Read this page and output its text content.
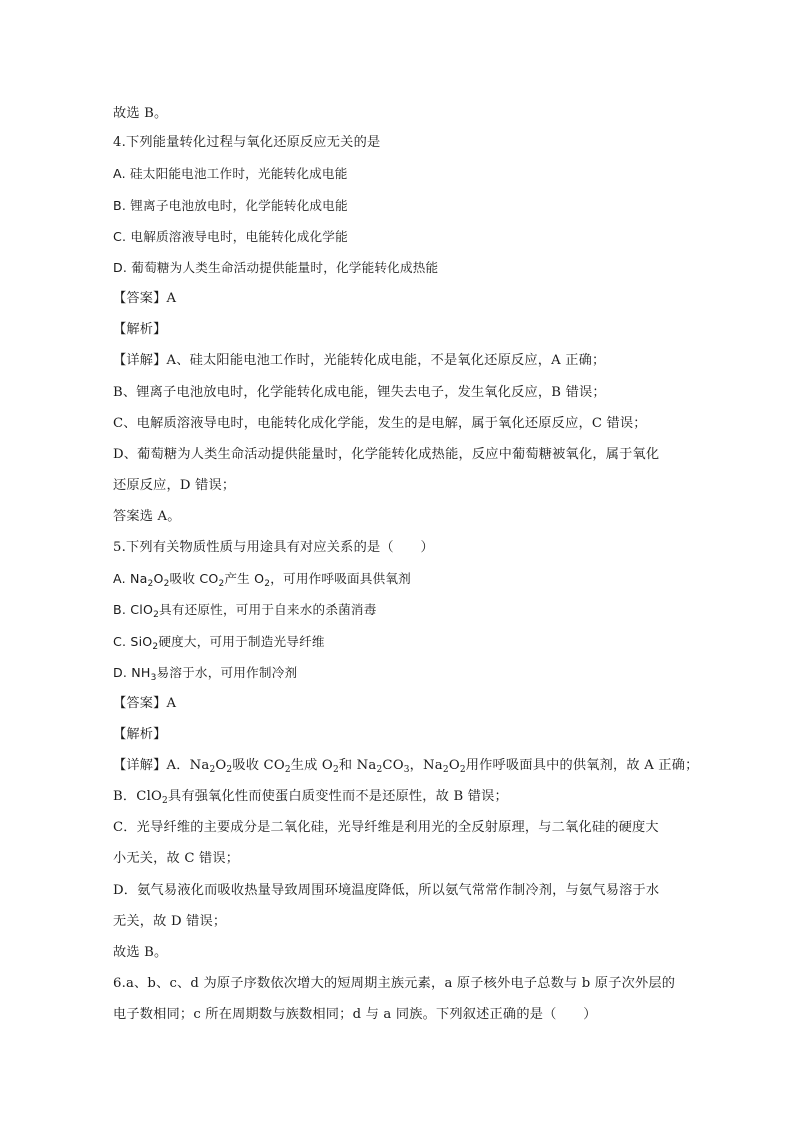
故选 B。
4.下列能量转化过程与氧化还原反应无关的是
A. 硅太阳能电池工作时，光能转化成电能
B. 锂离子电池放电时，化学能转化成电能
C. 电解质溶液导电时，电能转化成化学能
D. 葡萄糖为人类生命活动提供能量时，化学能转化成热能
【答案】A
【解析】
【详解】A、硅太阳能电池工作时，光能转化成电能，不是氧化还原反应，A 正确；
B、锂离子电池放电时，化学能转化成电能，锂失去电子，发生氧化反应，B 错误；
C、电解质溶液导电时，电能转化成化学能，发生的是电解，属于氧化还原反应，C 错误；
D、葡萄糖为人类生命活动提供能量时，化学能转化成热能，反应中葡萄糖被氧化，属于氧化
还原反应，D 错误；
答案选 A。
5.下列有关物质性质与用途具有对应关系的是（　　）
A. $Na_2O_2$吸收 $CO_2$产生 $O_2$，可用作呼吸面具供氧剂
B. ClO$_2$具有还原性，可用于自来水的杀菌消毒
C. SiO$_2$硬度大，可用于制造光导纤维
D. $NH_3$易溶于水，可用作制冷剂
【答案】A
【解析】
【详解】A．$Na_2O_2$吸收 $CO_2$生成 $O_2$和 $Na_2CO_3$，$Na_2O_2$用作呼吸面具中的供氧剂，故 A 正确；
B．ClO$_2$具有强氧化性而使蛋白质变性而不是还原性，故 B 错误；
C．光导纤维的主要成分是二氧化硅，光导纤维是利用光的全反射原理，与二氧化硅的硬度大
小无关，故 C 错误；
D．氨气易液化而吸收热量导致周围环境温度降低，所以氨气常常作制冷剂，与氨气易溶于水
无关，故 D 错误；
故选 B。
6.a、b、c、d 为原子序数依次增大的短周期主族元素，a 原子核外电子总数与 b 原子次外层的
电子数相同；c 所在周期数与族数相同；d 与 a 同族。下列叙述正确的是（　　）
